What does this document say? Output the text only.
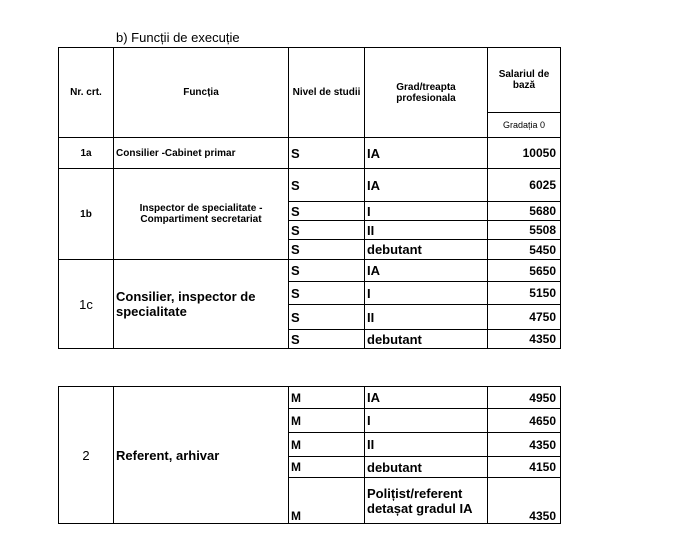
b) Funcții de execuție
Nr. crt.	Funcția	Nivel de studii	Grad/treapta profesionala	Salariul de bază
				Gradația 0
1a	Consilier -Cabinet primar	S	IA	10050
1b	Inspector de specialitate - Compartiment secretariat	S	IA	6025
		S	I	5680
		S	II	5508
		S	debutant	5450
1c	Consilier, inspector de specialitate	S	IA	5650
		S	I	5150
		S	II	4750
		S	debutant	4350
2	Referent, arhivar	M	IA	4950
		M	I	4650
		M	II	4350
		M	debutant	4150
		M	Polițist/referent detașat gradul IA	4350
